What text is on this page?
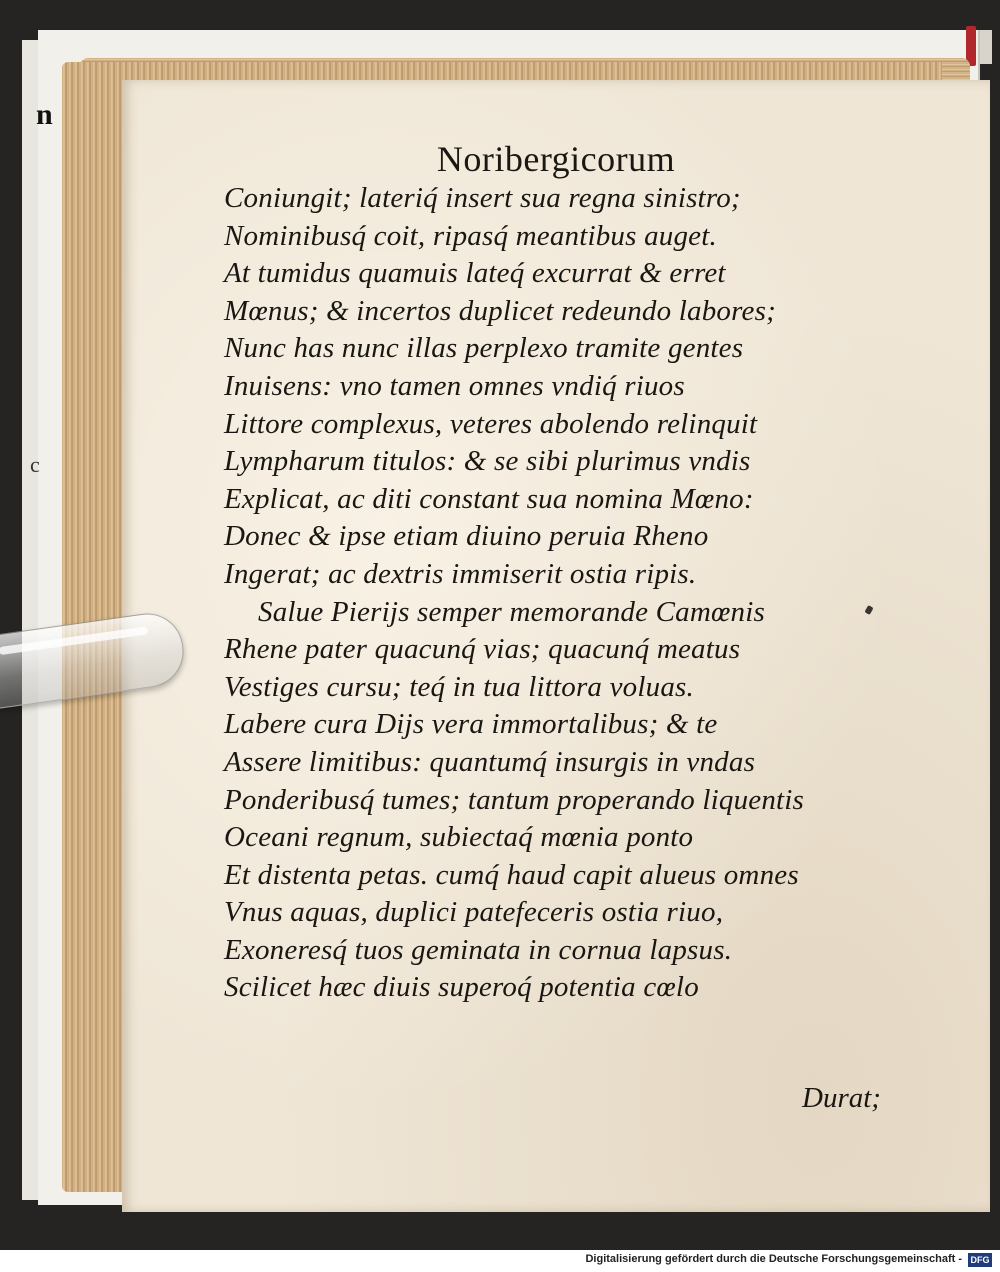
n
c
Noribergicorum
Coniungit; lateriq́ insert sua regna sinistro;
Nominibusq́ coit, ripasq́ meantibus auget.
At tumidus quamuis lateq́ excurrat & erret
Mœnus; & incertos duplicet redeundo labores;
Nunc has nunc illas perplexo tramite gentes
Inuisens: vno tamen omnes vndiq́ riuos
Littore complexus, veteres abolendo relinquit
Lympharum titulos: & se sibi plurimus vndis
Explicat, ac diti constant sua nomina Mœno:
Donec & ipse etiam diuino peruia Rheno
Ingerat; ac dextris immiserit ostia ripis.
Salue Pierijs semper memorande Camœnis
Rhene pater quacunq́ vias; quacunq́ meatus
Vestiges cursu; teq́ in tua littora voluas.
Labere cura Dijs vera immortalibus; & te
Assere limitibus: quantumq́ insurgis in vndas
Ponderibusq́ tumes; tantum properando liquentis
Oceani regnum, subiectaq́ mœnia ponto
Et distenta petas. cumq́ haud capit alueus omnes
Vnus aquas, duplici patefeceris ostia riuo,
Exoneresq́ tuos geminata in cornua lapsus.
Scilicet hæc diuis superoq́ potentia cœlo
Durat;
Digitalisierung gefördert durch die Deutsche Forschungsgemeinschaft - DFG
